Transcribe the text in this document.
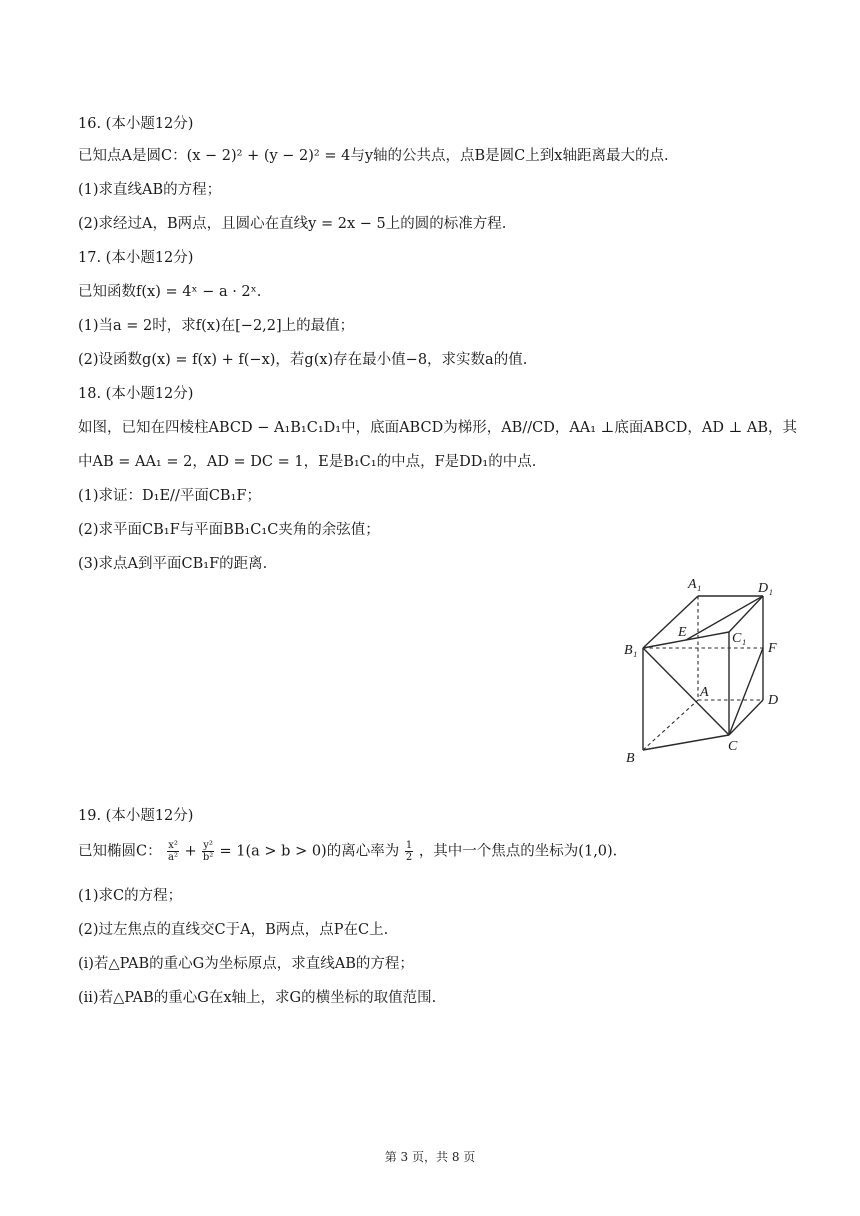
16. (本小题12分)
已知点A是圆C：(x − 2)² + (y − 2)² = 4与y轴的公共点，点B是圆C上到x轴距离最大的点.
(1)求直线AB的方程；
(2)求经过A，B两点，且圆心在直线y = 2x − 5上的圆的标准方程.
17. (本小题12分)
已知函数f(x) = 4ˣ − a · 2ˣ.
(1)当a = 2时，求f(x)在[−2,2]上的最值；
(2)设函数g(x) = f(x) + f(−x)，若g(x)存在最小值−8，求实数a的值.
18. (本小题12分)
如图，已知在四棱柱ABCD − A₁B₁C₁D₁中，底面ABCD为梯形，AB//CD，AA₁ ⊥底面ABCD，AD ⊥ AB，其
中AB = AA₁ = 2，AD = DC = 1，E是B₁C₁的中点，F是DD₁的中点.
(1)求证：D₁E//平面CB₁F；
(2)求平面CB₁F与平面BB₁C₁C夹角的余弦值；
(3)求点A到平面CB₁F的距离.
A₁	D₁
E	C₁
B₁	F
A
D
B
C
19. (本小题12分)
已知椭圆C： $\frac{\text{x²}}{\text{a²}} + \frac{\text{y²}}{\text{b²}} = 1(a > b > 0)$的离心率为 $\frac{1}{2}$ ，其中一个焦点的坐标为(1,0).
(1)求C的方程；
(2)过左焦点的直线交C于A，B两点，点P在C上.
(i)若△PAB的重心G为坐标原点，求直线AB的方程；
(ii)若△PAB的重心G在x轴上，求G的横坐标的取值范围.
第 3 页，共 8 页
